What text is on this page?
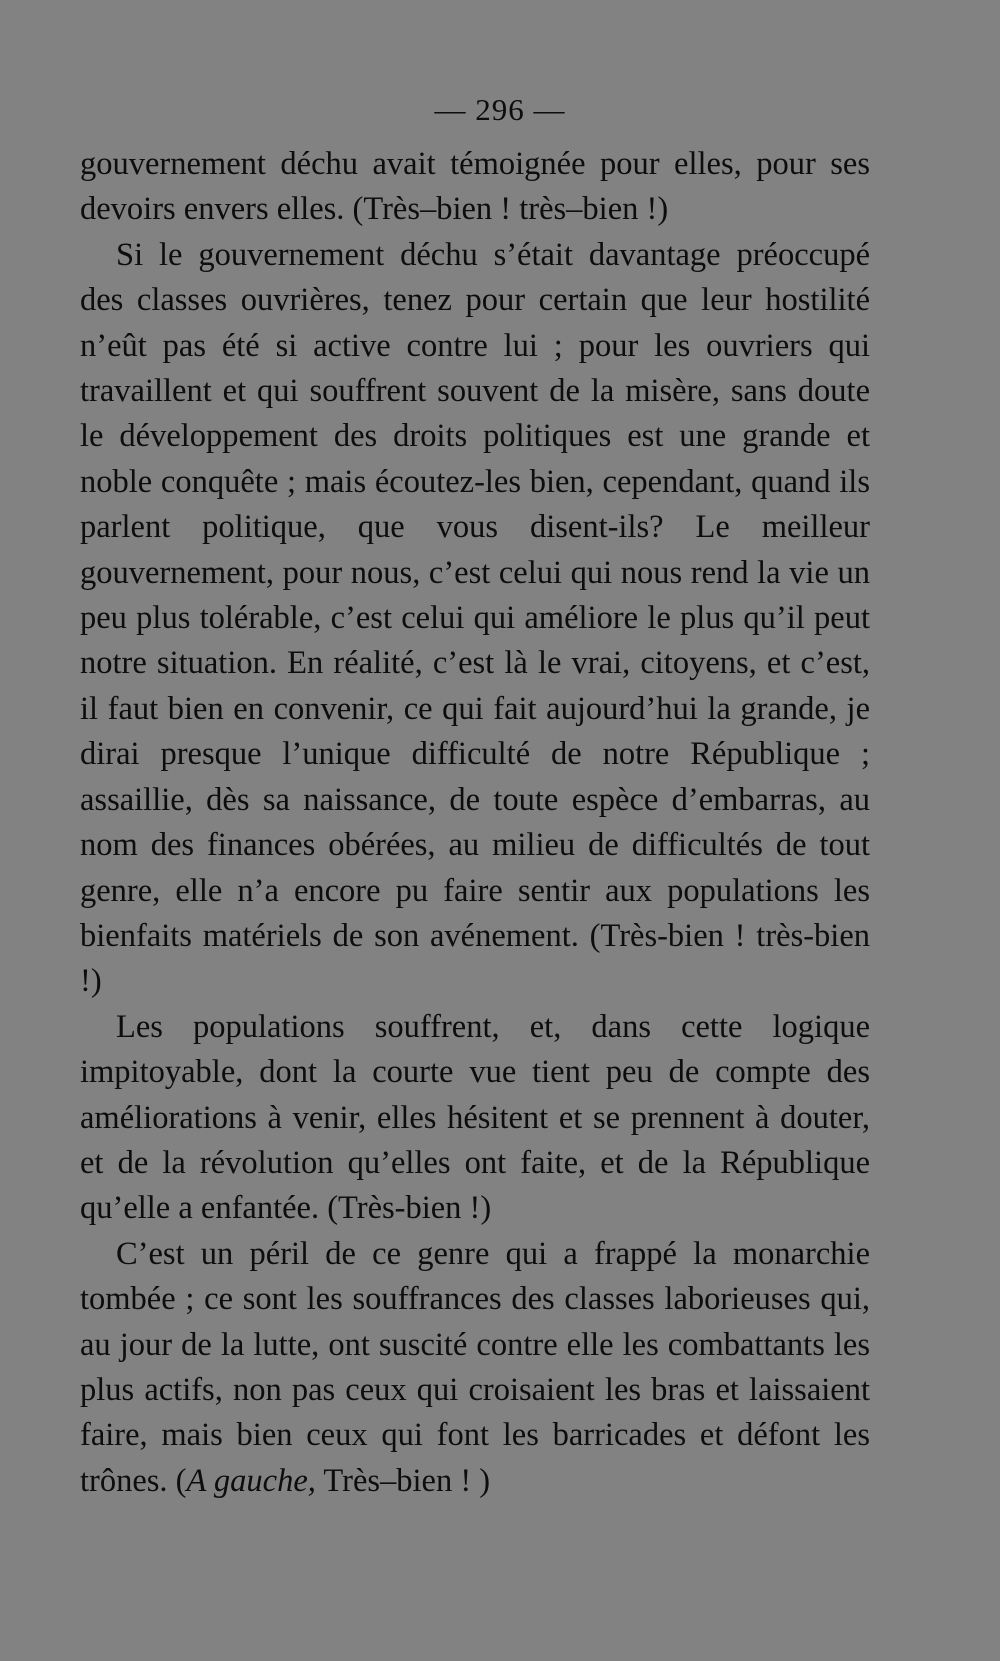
— 296 —

gouvernement déchu avait témoignée pour elles, pour ses devoirs envers elles. (Très–bien ! très–bien !)

Si le gouvernement déchu s’était davantage préoccupé des classes ouvrières, tenez pour certain que leur hostilité n’eût pas été si active contre lui ; pour les ouvriers qui travaillent et qui souffrent souvent de la misère, sans doute le développement des droits politiques est une grande et noble conquête ; mais écoutez-les bien, cependant, quand ils parlent politique, que vous disent-ils? Le meilleur gouvernement, pour nous, c’est celui qui nous rend la vie un peu plus tolérable, c’est celui qui améliore le plus qu’il peut notre situation. En réalité, c’est là le vrai, citoyens, et c’est, il faut bien en convenir, ce qui fait aujourd’hui la grande, je dirai presque l’unique difficulté de notre République ; assaillie, dès sa naissance, de toute espèce d’embarras, au nom des finances obérées, au milieu de difficultés de tout genre, elle n’a encore pu faire sentir aux populations les bienfaits matériels de son avénement. (Très-bien ! très-bien !)

Les populations souffrent, et, dans cette logique impitoyable, dont la courte vue tient peu de compte des améliorations à venir, elles hésitent et se prennent à douter, et de la révolution qu’elles ont faite, et de la République qu’elle a enfantée. (Très-bien !)

C’est un péril de ce genre qui a frappé la monarchie tombée ; ce sont les souffrances des classes laborieuses qui, au jour de la lutte, ont suscité contre elle les combattants les plus actifs, non pas ceux qui croisaient les bras et laissaient faire, mais bien ceux qui font les barricades et défont les trônes. (A gauche, Très–bien ! )
